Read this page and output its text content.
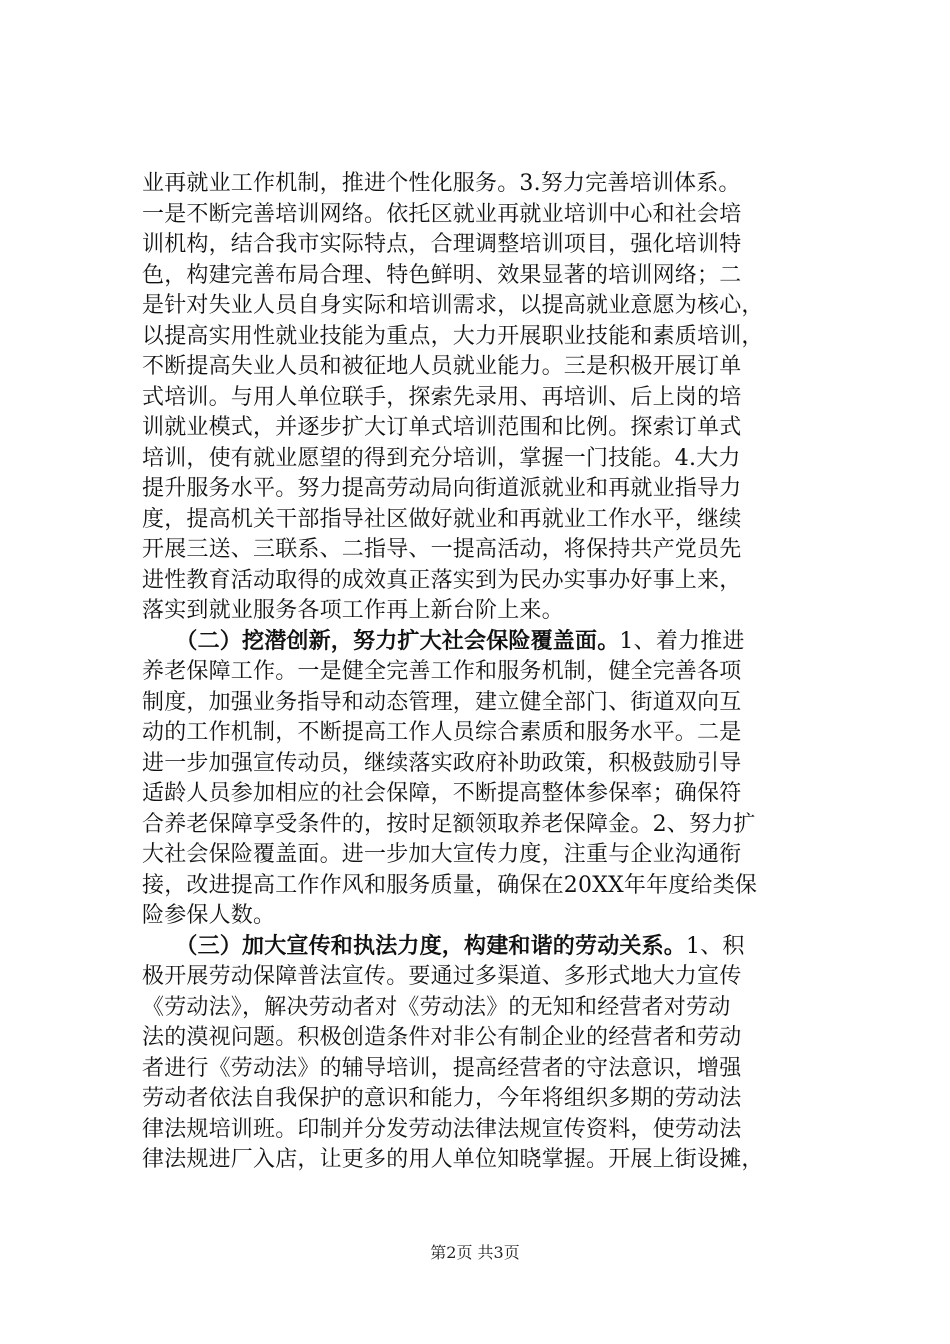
业再就业工作机制，推进个性化服务。3.努力完善培训体系。
一是不断完善培训网络。依托区就业再就业培训中心和社会培
训机构，结合我市实际特点，合理调整培训项目，强化培训特
色，构建完善布局合理、特色鲜明、效果显著的培训网络；二
是针对失业人员自身实际和培训需求，以提高就业意愿为核心，
以提高实用性就业技能为重点，大力开展职业技能和素质培训，
不断提高失业人员和被征地人员就业能力。三是积极开展订单
式培训。与用人单位联手，探索先录用、再培训、后上岗的培
训就业模式，并逐步扩大订单式培训范围和比例。探索订单式
培训，使有就业愿望的得到充分培训，掌握一门技能。4.大力
提升服务水平。努力提高劳动局向街道派就业和再就业指导力
度，提高机关干部指导社区做好就业和再就业工作水平，继续
开展三送、三联系、二指导、一提高活动，将保持共产党员先
进性教育活动取得的成效真正落实到为民办实事办好事上来，
落实到就业服务各项工作再上新台阶上来。

　　（二）挖潜创新，努力扩大社会保险覆盖面。1、着力推进
养老保障工作。一是健全完善工作和服务机制，健全完善各项
制度，加强业务指导和动态管理，建立健全部门、街道双向互
动的工作机制，不断提高工作人员综合素质和服务水平。二是
进一步加强宣传动员，继续落实政府补助政策，积极鼓励引导
适龄人员参加相应的社会保障，不断提高整体参保率；确保符
合养老保障享受条件的，按时足额领取养老保障金。2、努力扩
大社会保险覆盖面。进一步加大宣传力度，注重与企业沟通衔
接，改进提高工作作风和服务质量，确保在20XX年年度给类保
险参保人数。

　　（三）加大宣传和执法力度，构建和谐的劳动关系。1、积
极开展劳动保障普法宣传。要通过多渠道、多形式地大力宣传
《劳动法》，解决劳动者对《劳动法》的无知和经营者对劳动
法的漠视问题。积极创造条件对非公有制企业的经营者和劳动
者进行《劳动法》的辅导培训，提高经营者的守法意识，增强
劳动者依法自我保护的意识和能力，今年将组织多期的劳动法
律法规培训班。印制并分发劳动法律法规宣传资料，使劳动法
律法规进厂入店，让更多的用人单位知晓掌握。开展上街设摊，

第2页 共3页
